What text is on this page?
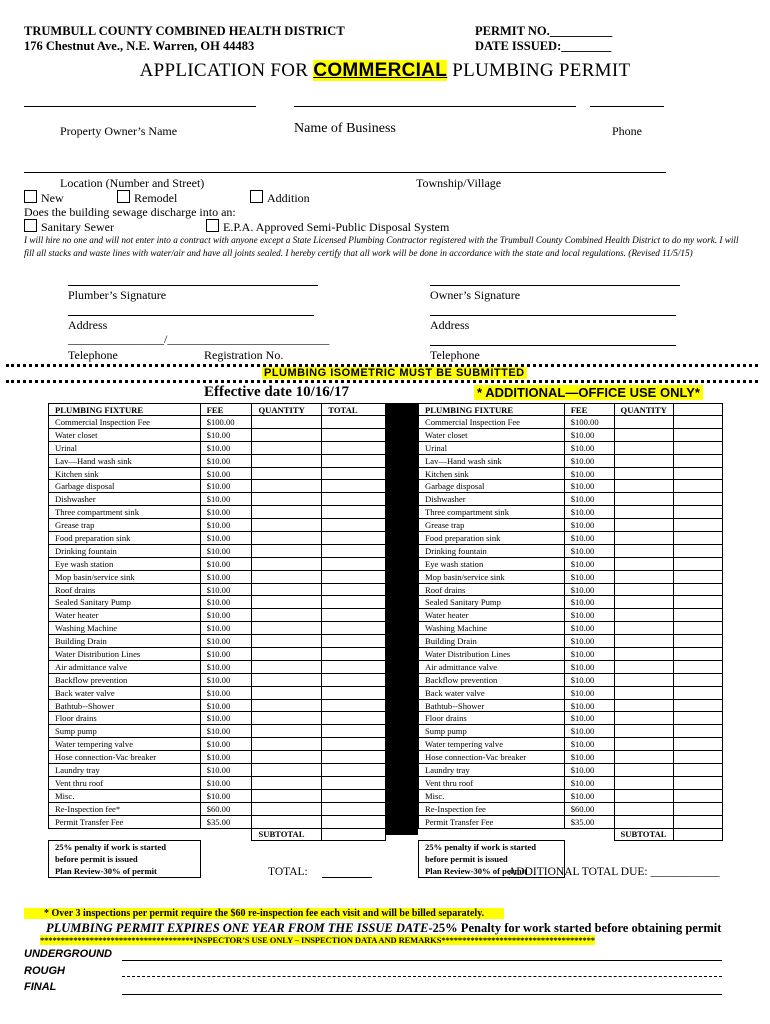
TRUMBULL COUNTY COMBINED HEALTH DISTRICT
176 Chestnut Ave., N.E. Warren, OH 44483
PERMIT NO.__________
DATE ISSUED:________
APPLICATION FOR COMMERCIAL PLUMBING PERMIT
Property Owner’s Name	Name of Business	Phone
Location (Number and Street)	Township/Village
New	Remodel	Addition
Does the building sewage discharge into an:
Sanitary Sewer	E.P.A. Approved Semi-Public Disposal System
I will hire no one and will not enter into a contract with anyone except a State Licensed Plumbing Contractor registered with the Trumbull County Combined Health District to do my work. I will fill all stacks and waste lines with water/air and have all joints sealed. I hereby certify that all work will be done in accordance with the state and local regulations. (Revised 11/5/15)
Plumber’s Signature	Owner’s Signature
Address	Address
________________/___________________________
Telephone	Registration No.	Telephone
PLUMBING ISOMETRIC MUST BE SUBMITTED
Effective date 10/16/17	* ADDITIONAL—OFFICE USE ONLY*
PLUMBING FIXTURE	FEE	QUANTITY	TOTAL
Commercial Inspection Fee	$100.00		
Water closet	$10.00		
Urinal	$10.00		
Lav—Hand wash sink	$10.00		
Kitchen sink	$10.00		
Garbage disposal	$10.00		
Dishwasher	$10.00		
Three compartment sink	$10.00		
Grease trap	$10.00		
Food preparation sink	$10.00		
Drinking fountain	$10.00		
Eye wash station	$10.00		
Mop basin/service sink	$10.00		
Roof drains	$10.00		
Sealed Sanitary Pump	$10.00		
Water heater	$10.00		
Washing Machine	$10.00		
Building Drain	$10.00		
Water Distribution Lines	$10.00		
Air admittance valve	$10.00		
Backflow prevention	$10.00		
Back water valve	$10.00		
Bathtub--Shower	$10.00		
Floor drains	$10.00		
Sump pump	$10.00		
Water tempering valve	$10.00		
Hose connection-Vac breaker	$10.00		
Laundry tray	$10.00		
Vent thru roof	$10.00		
Misc.	$10.00		
Re-Inspection fee*	$60.00		
Permit Transfer Fee	$35.00		
		SUBTOTAL	
25% penalty if work is started			
before permit is issued			
Plan Review-30% of permit			
PLUMBING FIXTURE	FEE	QUANTITY	
Commercial Inspection Fee	$100.00		
Water closet	$10.00		
Urinal	$10.00		
Lav—Hand wash sink	$10.00		
Kitchen sink	$10.00		
Garbage disposal	$10.00		
Dishwasher	$10.00		
Three compartment sink	$10.00		
Grease trap	$10.00		
Food preparation sink	$10.00		
Drinking fountain	$10.00		
Eye wash station	$10.00		
Mop basin/service sink	$10.00		
Roof drains	$10.00		
Sealed Sanitary Pump	$10.00		
Water heater	$10.00		
Washing Machine	$10.00		
Building Drain	$10.00		
Water Distribution Lines	$10.00		
Air admittance valve	$10.00		
Backflow prevention	$10.00		
Back water valve	$10.00		
Bathtub--Shower	$10.00		
Floor drains	$10.00		
Sump pump	$10.00		
Water tempering valve	$10.00		
Hose connection-Vac breaker	$10.00		
Laundry tray	$10.00		
Vent thru roof	$10.00		
Misc.	$10.00		
Re-Inspection fee	$60.00		
Permit Transfer Fee	$35.00		
		SUBTOTAL	
25% penalty if work is started			
before permit is issued			
Plan Review-30% of permit			
TOTAL:	ADDITIONAL TOTAL DUE: ____________
* Over 3 inspections per permit require the $60 re-inspection fee each visit and will be billed separately.
PLUMBING PERMIT EXPIRES ONE YEAR FROM THE ISSUE DATE-25% Penalty for work started before obtaining permit
*************************************INSPECTOR’S USE ONLY – INSPECTION DATA AND REMARKS*************************************
UNDERGROUND
ROUGH
FINAL
